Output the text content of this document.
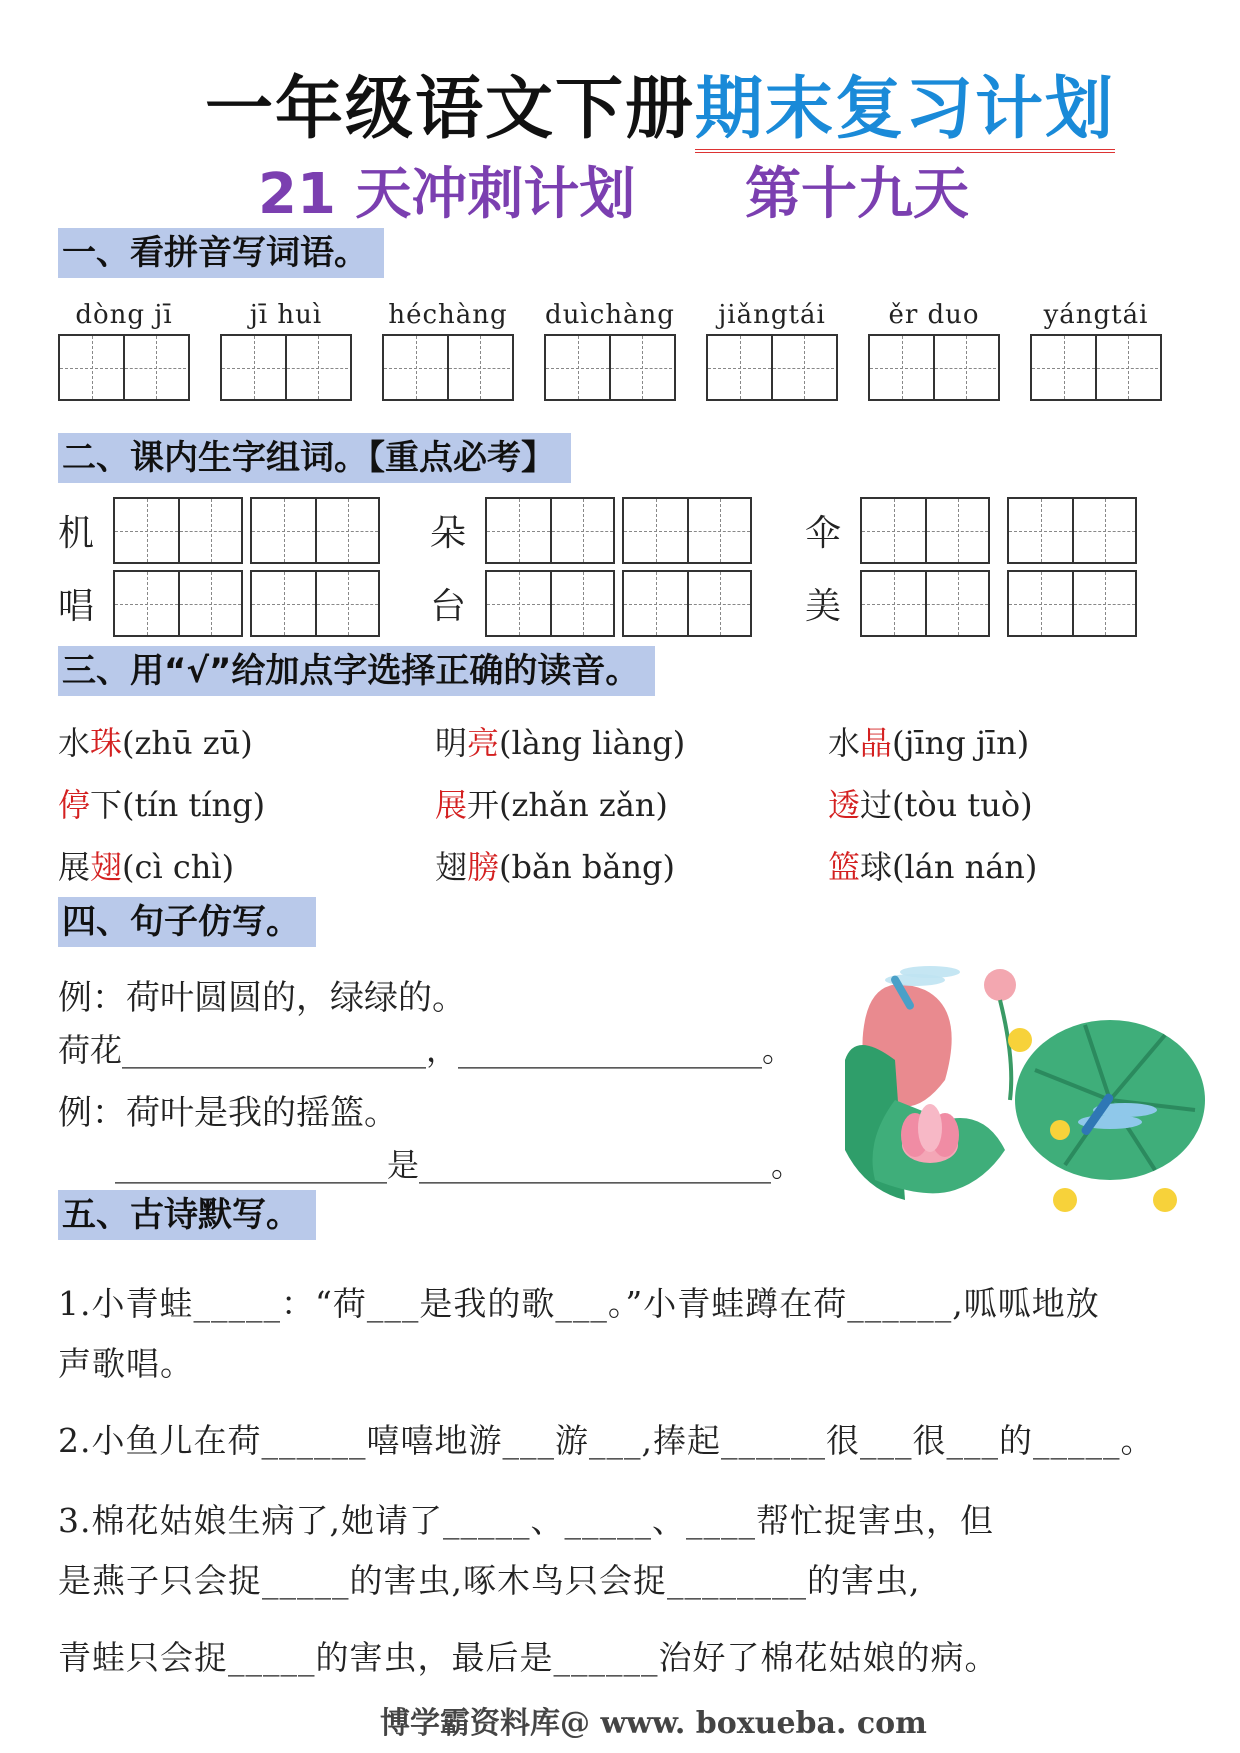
一年级语文下册期末复习计划
21 天冲刺计划 第十九天
一、看拼音写词语。
dòng jī	jī huì	héchàng duìchàng	jiǎngtái	ěr duo	yángtái
二、课内生字组词。【重点必考】
机	朵	伞
唱	台	美
三、用“√”给加点字选择正确的读音。
水珠(zhū zū)	明亮(làng liàng)	水晶(jīng jīn)
停下(tín tíng)	展开(zhǎn zǎn)	透过(tòu tuò)
展翅(cì chì)	翅膀(bǎn bǎng)	篮球(lán nán)
四、句子仿写。
例：荷叶圆圆的，绿绿的。
荷花___________________，___________________。
例：荷叶是我的摇篮。
_________________是______________________。
五、古诗默写。
1.小青蛙_____：“荷___是我的歌___。”小青蛙蹲在荷______,呱呱地放
声歌唱。
2.小鱼儿在荷______嘻嘻地游___游___,捧起______很___很___的_____。
3.棉花姑娘生病了,她请了_____、_____、____帮忙捉害虫，但
是燕子只会捉_____的害虫,啄木鸟只会捉________的害虫,
青蛙只会捉_____的害虫，最后是______治好了棉花姑娘的病。
博学霸资料库@ www. boxueba. com
